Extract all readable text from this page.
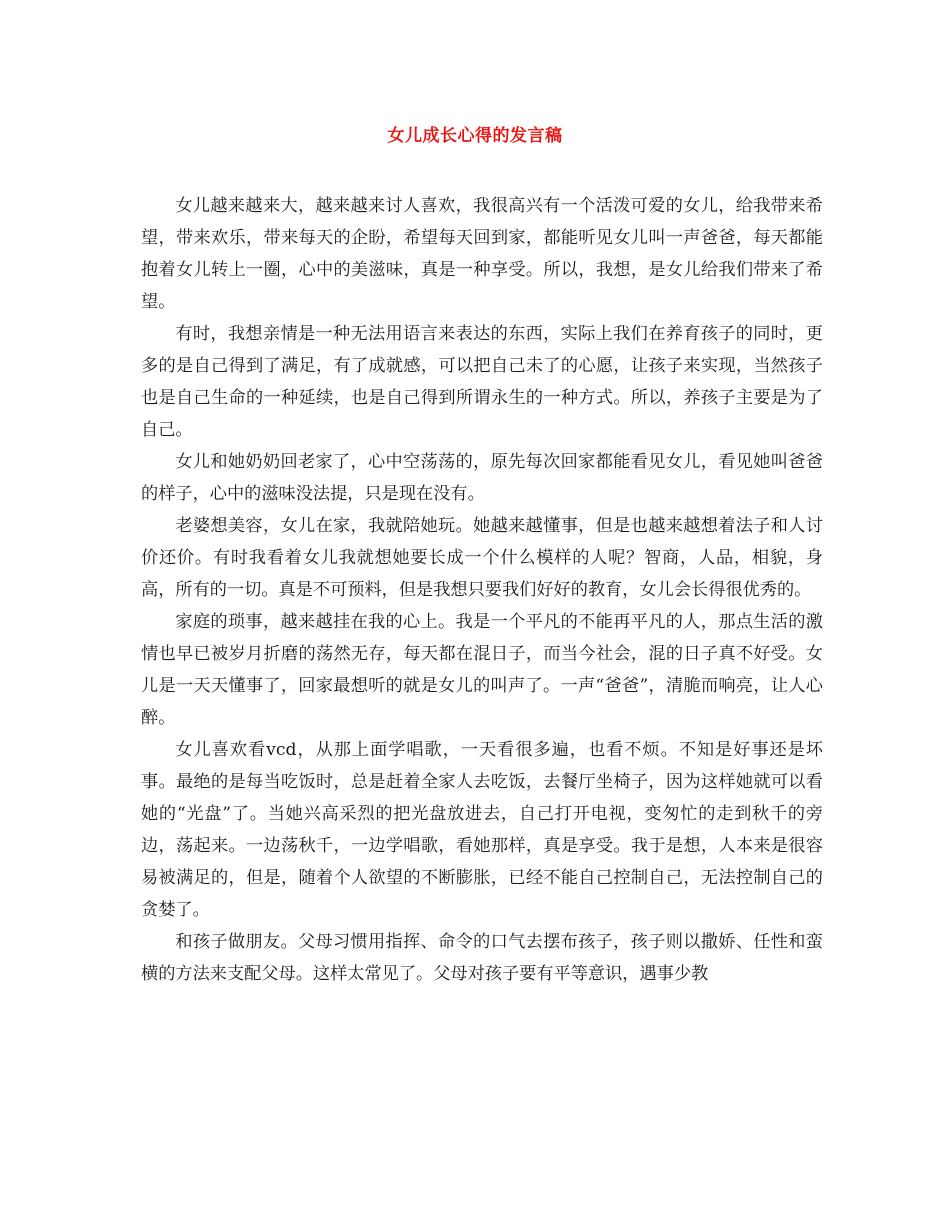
女儿成长心得的发言稿

女儿越来越来大，越来越来讨人喜欢，我很高兴有一个活泼可爱的女儿，给我带来希望，带来欢乐，带来每天的企盼，希望每天回到家，都能听见女儿叫一声爸爸，每天都能抱着女儿转上一圈，心中的美滋味，真是一种享受。所以，我想，是女儿给我们带来了希望。

有时，我想亲情是一种无法用语言来表达的东西，实际上我们在养育孩子的同时，更多的是自己得到了满足，有了成就感，可以把自己未了的心愿，让孩子来实现，当然孩子也是自己生命的一种延续，也是自己得到所谓永生的一种方式。所以，养孩子主要是为了自己。

女儿和她奶奶回老家了，心中空荡荡的，原先每次回家都能看见女儿，看见她叫爸爸的样子，心中的滋味没法提，只是现在没有。

老婆想美容，女儿在家，我就陪她玩。她越来越懂事，但是也越来越想着法子和人讨价还价。有时我看着女儿我就想她要长成一个什么模样的人呢？智商，人品，相貌，身高，所有的一切。真是不可预料，但是我想只要我们好好的教育，女儿会长得很优秀的。

家庭的琐事，越来越挂在我的心上。我是一个平凡的不能再平凡的人，那点生活的激情也早已被岁月折磨的荡然无存，每天都在混日子，而当今社会，混的日子真不好受。女儿是一天天懂事了，回家最想听的就是女儿的叫声了。一声“爸爸”，清脆而响亮，让人心醉。

女儿喜欢看vcd，从那上面学唱歌，一天看很多遍，也看不烦。不知是好事还是坏事。最绝的是每当吃饭时，总是赶着全家人去吃饭，去餐厅坐椅子，因为这样她就可以看她的“光盘”了。当她兴高采烈的把光盘放进去，自己打开电视，变匆忙的走到秋千的旁边，荡起来。一边荡秋千，一边学唱歌，看她那样，真是享受。我于是想，人本来是很容易被满足的，但是，随着个人欲望的不断膨胀，已经不能自己控制自己，无法控制自己的贪婪了。

和孩子做朋友。父母习惯用指挥、命令的口气去摆布孩子，孩子则以撒娇、任性和蛮横的方法来支配父母。这样太常见了。父母对孩子要有平等意识，遇事少教
